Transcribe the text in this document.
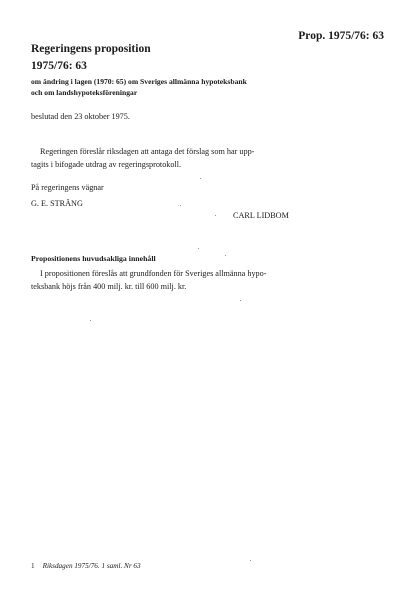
Prop. 1975/76: 63
Regeringens proposition
1975/76: 63
om ändring i lagen (1970: 65) om Sveriges allmänna hypoteksbank
och om landshypoteksföreningar
beslutad den 23 oktober 1975.
Regeringen föreslår riksdagen att antaga det förslag som har upp-
tagits i bifogade utdrag av regeringsprotokoll.
På regeringens vägnar
G. E. STRÄNG
CARL LIDBOM
Propositionens huvudsakliga innehåll
I propositionen föreslås att grundfonden för Sveriges allmänna hypo-
teksbank höjs från 400 milj. kr. till 600 milj. kr.
1 Riksdagen 1975/76. 1 saml. Nr 63
